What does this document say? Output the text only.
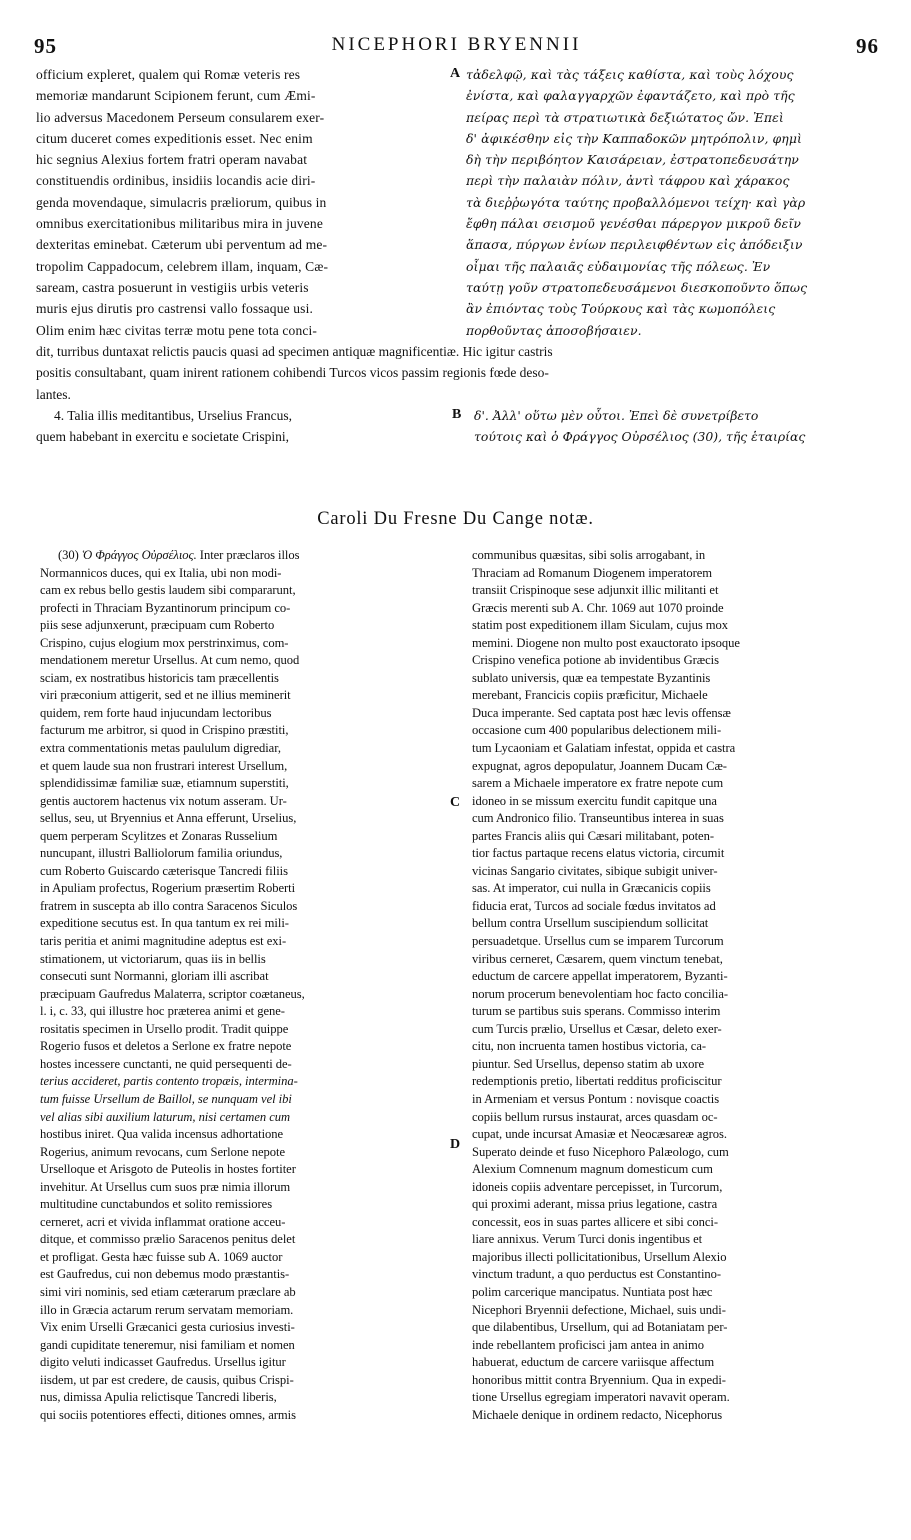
95	NICEPHORI BRYENNII	96
officium expleret, qualem qui Romæ veteris res
memoriæ mandarunt Scipionem ferunt, cum Æmi-
lio adversus Macedonem Perseum consularem exer-
citum duceret comes expeditionis esset. Nec enim
hic segnius Alexius fortem fratri operam navabat
constituendis ordinibus, insidiis locandis acie diri-
genda movendaque, simulacris præliorum, quibus in
omnibus exercitationibus militaribus mira in juvene
dexteritas eminebat. Cæterum ubi perventum ad me-
tropolim Cappadocum, celebrem illam, inquam, Cæ-
saream, castra posuerunt in vestigiis urbis veteris
muris ejus dirutis pro castrensi vallo fossaque usi.
Olim enim hæc civitas terræ motu pene tota conci-
A τἀδελφῷ, καὶ τὰς τάξεις καθίστα, καὶ τοὺς λόχους
ἐνίστα, καὶ φαλαγγαρχῶν ἐφαντάζετο, καὶ πρὸ τῆς
πείρας περὶ τὰ στρατιωτικὰ δεξιώτατος ὤν. Ἐπεὶ
δ' ἀφικέσθην εἰς τὴν Καππαδοκῶν μητρόπολιν, φημὶ
δὴ τὴν περιβόητον Καισάρειαν, ἐστρατοπεδευσάτην
περὶ τὴν παλαιὰν πόλιν, ἀντὶ τάφρου καὶ χάρακος
τὰ διεῤῥωγότα ταύτης προβαλλόμενοι τείχη· καὶ γὰρ
ἔφθη πάλαι σεισμοῦ γενέσθαι πάρεργον μικροῦ δεῖν
ἅπασα, πύργων ἐνίων περιλειφθέντων εἰς ἀπόδειξιν
οἶμαι τῆς παλαιᾶς εὐδαιμονίας τῆς πόλεως. Ἐν
ταύτῃ γοῦν στρατοπεδευσάμενοι διεσκοποῦντο ὅπως
ἂν ἐπιόντας τοὺς Τούρκους καὶ τὰς κωμοπόλεις
πορθοῦντας ἀποσοβήσαιεν.
dit, turribus duntaxat relictis paucis quasi ad specimen antiquæ magnificentiæ. Hic igitur castris
positis consultabant, quam inirent rationem cohibendi Turcos vicos passim regionis fœde deso-
lantes.
4. Talia illis meditantibus, Urselius Francus,
quem habebant in exercitu e societate Crispini,
B δ'. Ἀλλ' οὕτω μὲν οὗτοι. Ἐπεὶ δὲ συνετρίβετο
τούτοις καὶ ὁ Φράγγος Οὐρσέλιος (30), τῆς ἑταιρίας
Caroli Du Fresne Du Cange notæ.
(30) Ὁ Φράγγος Οὐρσέλιος. Inter præclaros illos
Normannicos duces, qui ex Italia, ubi non modi-
cam ex rebus bello gestis laudem sibi compararunt,
profecti in Thraciam Byzantinorum principum co-
piis sese adjunxerunt, præcipuam cum Roberto
Crispino, cujus elogium mox perstrinximus, com-
mendationem meretur Ursellus. At cum nemo, quod
sciam, ex nostratibus historicis tam præcellentis
viri præconium attigerit, sed et ne illius meminerit
quidem, rem forte haud injucundam lectoribus
facturum me arbitror, si quod in Crispino præstiti,
extra commentationis metas paululum digrediar,
et quem laude sua non frustrari interest Ursellum,
splendidissimæ familiæ suæ, etiamnum superstiti,
gentis auctorem hactenus vix notum asseram. Ur-
sellus, seu, ut Bryennius et Anna efferunt, Urselius,
quem perperam Scylitzes et Zonaras Russelium
nuncupant, illustri Balliolorum familia oriundus,
cum Roberto Guiscardo cæterisque Tancredi filiis
in Apuliam profectus, Rogerium præsertim Roberti
fratrem in suscepta ab illo contra Saracenos Siculos
expeditione secutus est. In qua tantum ex rei mili-
taris peritia et animi magnitudine adeptus est exi-
stimationem, ut victoriarum, quas iis in bellis
consecuti sunt Normanni, gloriam illi ascribat
præcipuam Gaufredus Malaterra, scriptor coætaneus,
l. i, c. 33, qui illustre hoc præterea animi et gene-
rositatis specimen in Ursello prodit. Tradit quippe
Rogerio fusos et deletos a Serlone ex fratre nepote
hostes incessere cunctanti, ne quid persequenti de-
terius accideret, partis contento tropæis, intermina-
tum fuisse Ursellum de Baillol, se nunquam vel ibi
vel alias sibi auxilium laturum, nisi certamen cum
hostibus iniret. Qua valida incensus adhortatione
Rogerius, animum revocans, cum Serlone nepote
Urselloque et Arisgoto de Puteolis in hostes fortiter
invehitur. At Ursellus cum suos præ nimia illorum
multitudine cunctabundos et solito remissiores
cerneret, acri et vivida inflammat oratione acceu-
ditque, et commisso prælio Saracenos penitus delet
et profligat. Gesta hæc fuisse sub A. 1069 auctor
est Gaufredus, cui non debemus modo præstantis-
simi viri nominis, sed etiam cæterarum præclare ab
illo in Græcia actarum rerum servatam memoriam.
Vix enim Urselli Græcanici gesta curiosius investi-
gandi cupiditate teneremur, nisi familiam et nomen
digito veluti indicasset Gaufredus. Ursellus igitur
iisdem, ut par est credere, de causis, quibus Crispi-
nus, dimissa Apulia relictisque Tancredi liberis,
qui sociis potentiores effecti, ditiones omnes, armis
C
D
communibus quæsitas, sibi solis arrogabant, in
Thraciam ad Romanum Diogenem imperatorem
transiit Crispinoque sese adjunxit illic militanti et
Græcis merenti sub A. Chr. 1069 aut 1070 proinde
statim post expeditionem illam Siculam, cujus mox
memini. Diogene non multo post exauctorato ipsoque
Crispino venefica potione ab invidentibus Græcis
sublato universis, quæ ea tempestate Byzantinis
merebant, Francicis copiis præficitur, Michaele
Duca imperante. Sed captata post hæc levis offensæ
occasione cum 400 popularibus delectionem mili-
tum Lycaoniam et Galatiam infestat, oppida et castra
expugnat, agros depopulatur, Joannem Ducam Cæ-
sarem a Michaele imperatore ex fratre nepote cum
idoneo in se missum exercitu fundit capitque una
cum Andronico filio. Transeuntibus interea in suas
partes Francis aliis qui Cæsari militabant, poten-
tior factus partaque recens elatus victoria, circumit
vicinas Sangario civitates, sibique subigit univer-
sas. At imperator, cui nulla in Græcanicis copiis
fiducia erat, Turcos ad sociale fœdus invitatos ad
bellum contra Ursellum suscipiendum sollicitat
persuadetque. Ursellus cum se imparem Turcorum
viribus cerneret, Cæsarem, quem vinctum tenebat,
eductum de carcere appellat imperatorem, Byzanti-
norum procerum benevolentiam hoc facto concilia-
turum se partibus suis sperans. Commisso interim
cum Turcis prælio, Ursellus et Cæsar, deleto exer-
citu, non incruenta tamen hostibus victoria, ca-
piuntur. Sed Ursellus, depenso statim ab uxore
redemptionis pretio, libertati redditus proficiscitur
in Armeniam et versus Pontum : novisque coactis
copiis bellum rursus instaurat, arces quasdam oc-
cupat, unde incursat Amasiæ et Neocæsareæ agros.
Superato deinde et fuso Nicephoro Palæologo, cum
Alexium Comnenum magnum domesticum cum
idoneis copiis adventare percepisset, in Turcorum,
qui proximi aderant, missa prius legatione, castra
concessit, eos in suas partes allicere et sibi conci-
liare annixus. Verum Turci donis ingentibus et
majoribus illecti pollicitationibus, Ursellum Alexio
vinctum tradunt, a quo perductus est Constantino-
polim carcerique mancipatus. Nuntiata post hæc
Nicephori Bryennii defectione, Michael, suis undi-
que dilabentibus, Ursellum, qui ad Botaniatam per-
inde rebellantem proficisci jam antea in animo
habuerat, eductum de carcere variisque affectum
honoribus mittit contra Bryennium. Qua in expedi-
tione Ursellus egregiam imperatori navavit operam.
Michaele denique in ordinem redacto, Nicephorus
